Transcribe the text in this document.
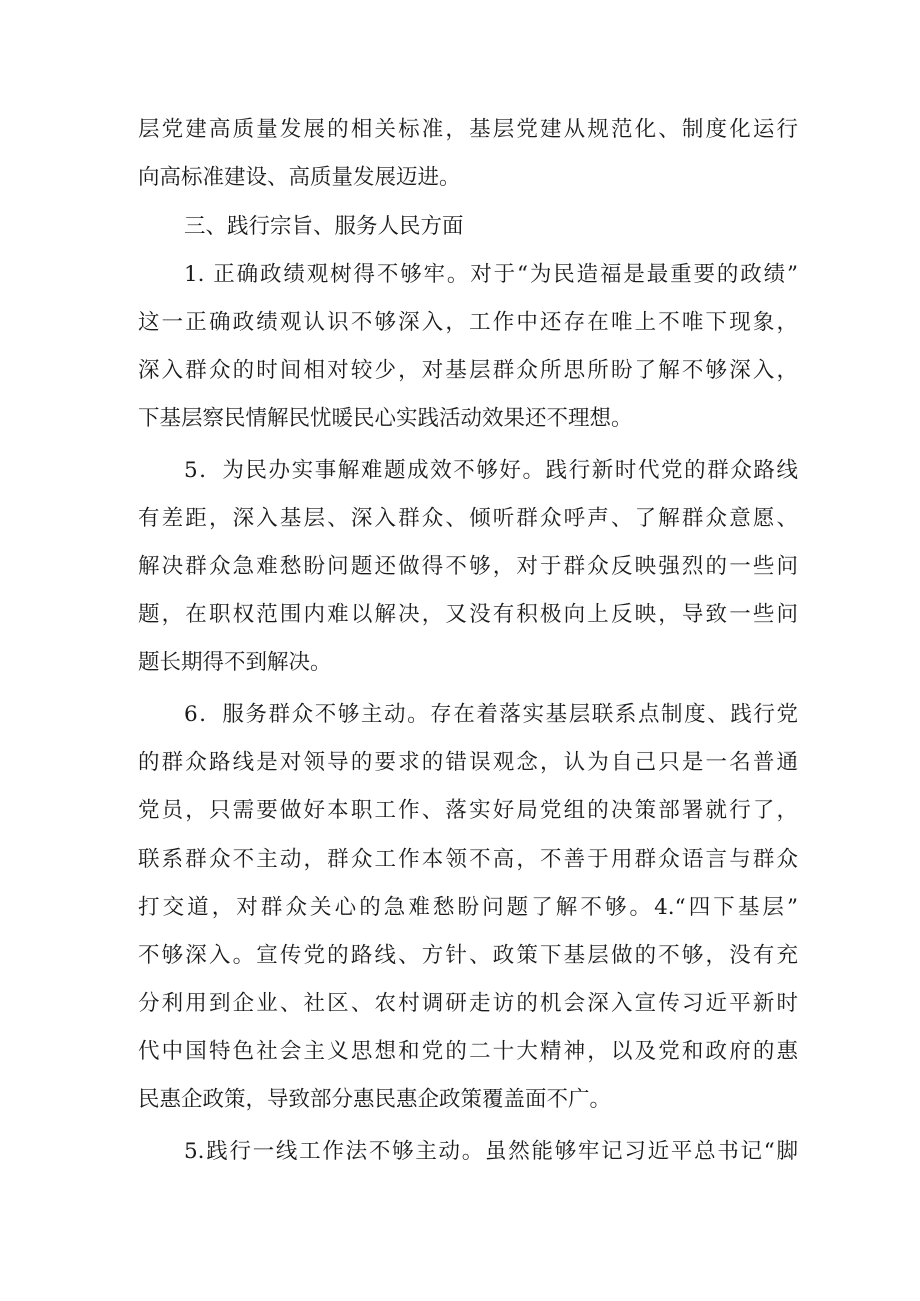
层党建高质量发展的相关标准，基层党建从规范化、制度化运行
向高标准建设、高质量发展迈进。
三、践行宗旨、服务人民方面
1. 正确政绩观树得不够牢。对于“为民造福是最重要的政绩”
这一正确政绩观认识不够深入，工作中还存在唯上不唯下现象，
深入群众的时间相对较少，对基层群众所思所盼了解不够深入，
下基层察民情解民忧暖民心实践活动效果还不理想。
5．为民办实事解难题成效不够好。践行新时代党的群众路线
有差距，深入基层、深入群众、倾听群众呼声、了解群众意愿、
解决群众急难愁盼问题还做得不够，对于群众反映强烈的一些问
题，在职权范围内难以解决，又没有积极向上反映，导致一些问
题长期得不到解决。
6．服务群众不够主动。存在着落实基层联系点制度、践行党
的群众路线是对领导的要求的错误观念，认为自己只是一名普通
党员，只需要做好本职工作、落实好局党组的决策部署就行了，
联系群众不主动，群众工作本领不高，不善于用群众语言与群众
打交道，对群众关心的急难愁盼问题了解不够。4.“四下基层”
不够深入。宣传党的路线、方针、政策下基层做的不够，没有充
分利用到企业、社区、农村调研走访的机会深入宣传习近平新时
代中国特色社会主义思想和党的二十大精神，以及党和政府的惠
民惠企政策，导致部分惠民惠企政策覆盖面不广。
5.践行一线工作法不够主动。虽然能够牢记习近平总书记“脚
